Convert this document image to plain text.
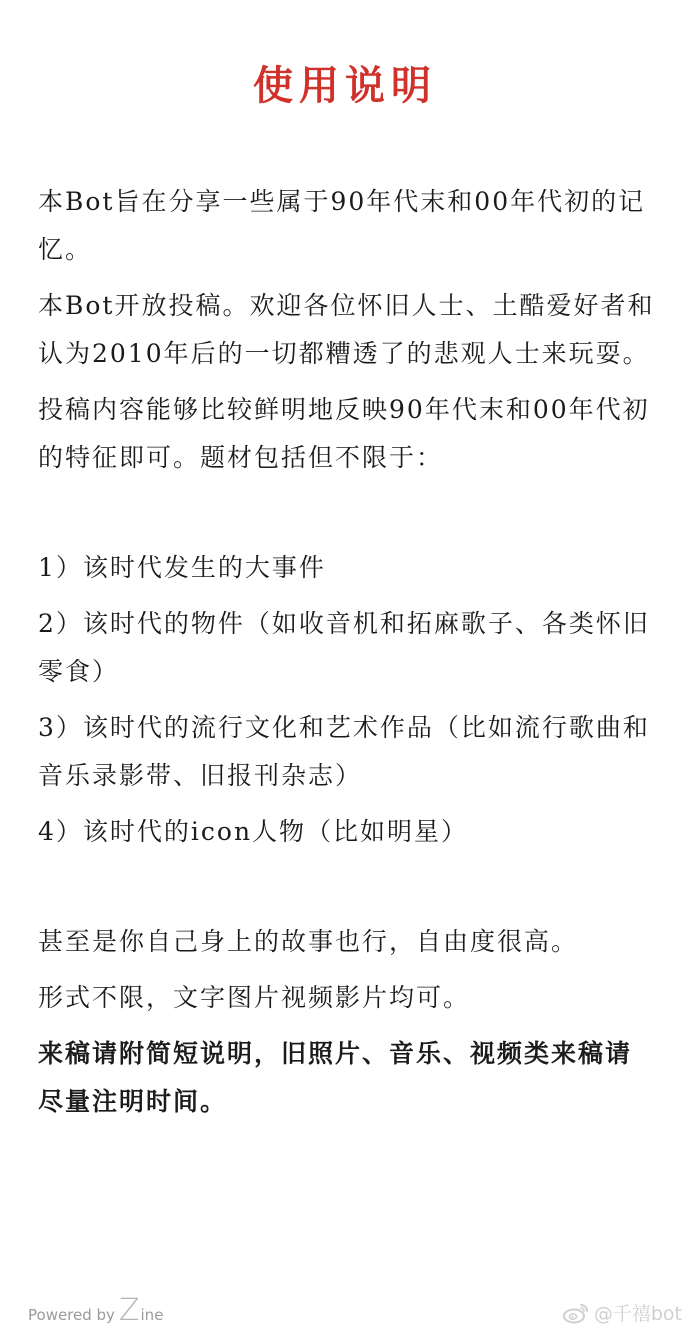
使用说明

本Bot旨在分享一些属于90年代末和00年代初的记忆。

本Bot开放投稿。欢迎各位怀旧人士、土酷爱好者和认为2010年后的一切都糟透了的悲观人士来玩耍。

投稿内容能够比较鲜明地反映90年代末和00年代初的特征即可。题材包括但不限于：

1）该时代发生的大事件

2）该时代的物件（如收音机和拓麻歌子、各类怀旧零食）

3）该时代的流行文化和艺术作品（比如流行歌曲和音乐录影带、旧报刊杂志）

4）该时代的icon人物（比如明星）

甚至是你自己身上的故事也行，自由度很高。

形式不限，文字图片视频影片均可。

来稿请附简短说明，旧照片、音乐、视频类来稿请尽量注明时间。

Powered by Z ine	@千禧bot
